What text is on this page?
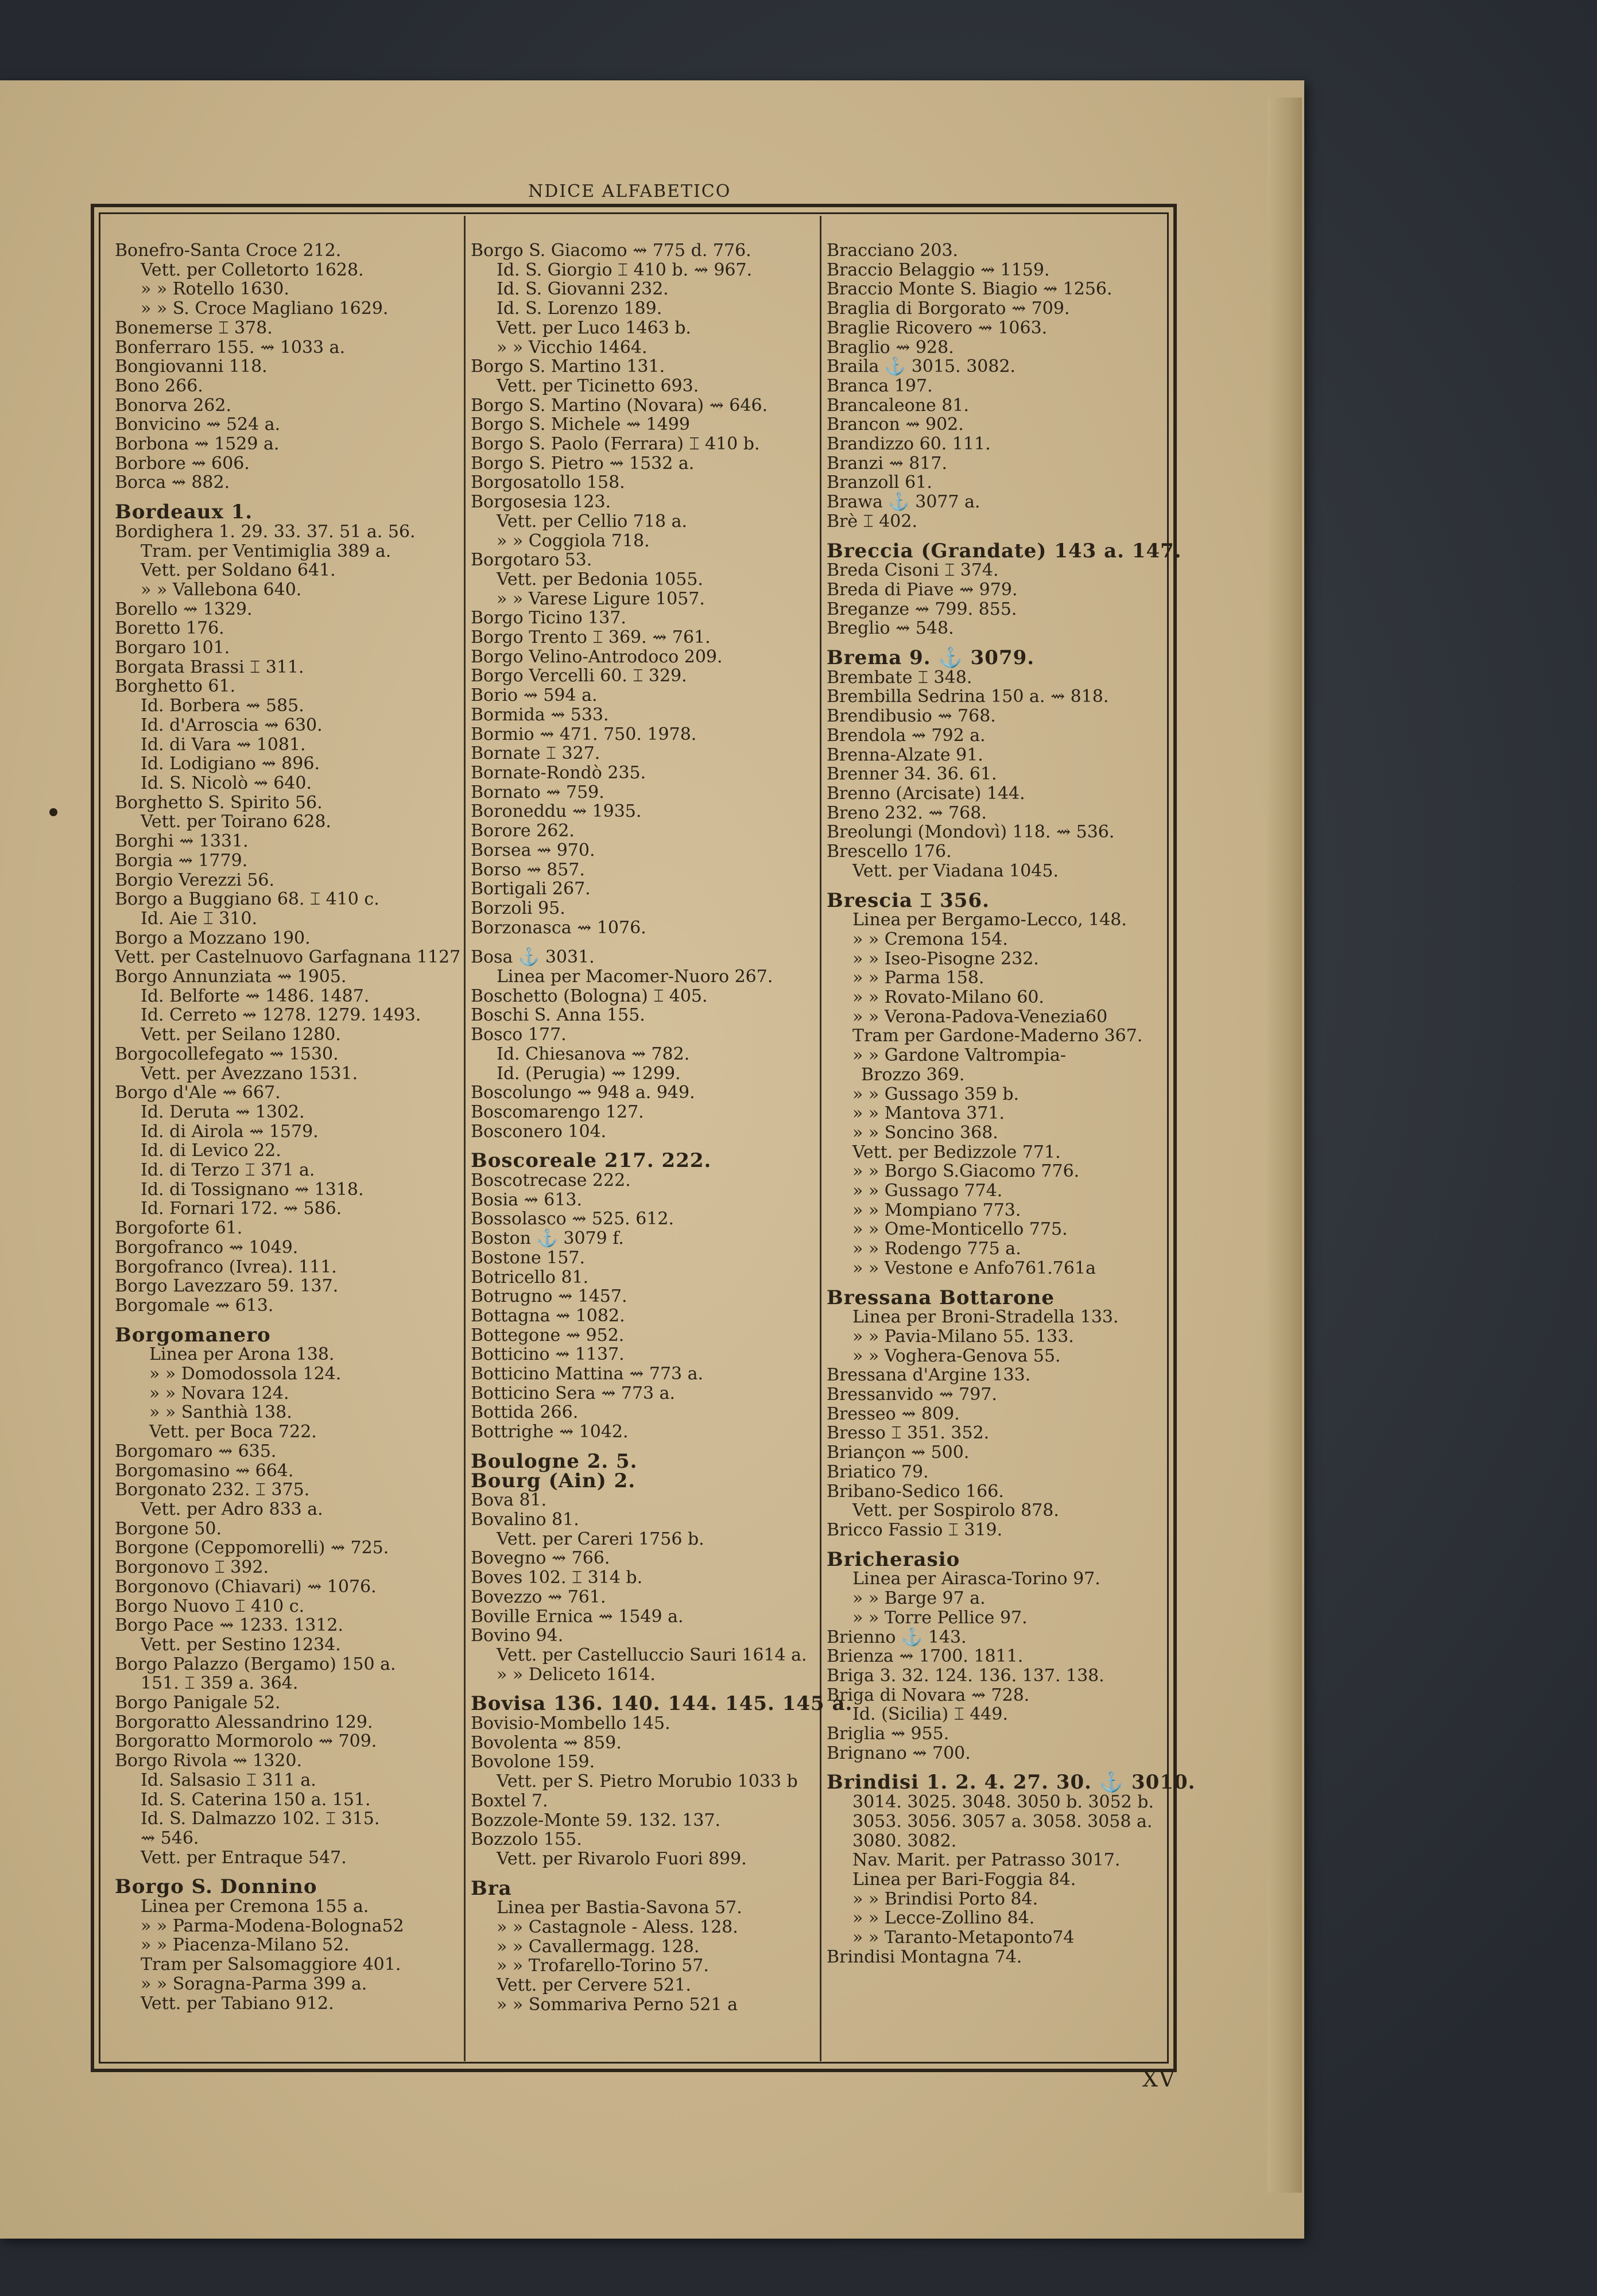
NDICE ALFABETICO
Bonefro-Santa Croce 212.
Vett. per Colletorto 1628.
» » Rotello 1630.
» » S. Croce Magliano 1629.
Bonemerse ⌶ 378.
Bonferraro 155. ⇝ 1033 a.
Bongiovanni 118.
Bono 266.
Bonorva 262.
Bonvicino ⇝ 524 a.
Borbona ⇝ 1529 a.
Borbore ⇝ 606.
Borca ⇝ 882.
Bordeaux 1.
Bordighera 1. 29. 33. 37. 51 a. 56.
Tram. per Ventimiglia 389 a.
Vett. per Soldano 641.
» » Vallebona 640.
Borello ⇝ 1329.
Boretto 176.
Borgaro 101.
Borgata Brassi ⌶ 311.
Borghetto 61.
Id. Borbera ⇝ 585.
Id. d'Arroscia ⇝ 630.
Id. di Vara ⇝ 1081.
Id. Lodigiano ⇝ 896.
Id. S. Nicolò ⇝ 640.
Borghetto S. Spirito 56.
Vett. per Toirano 628.
Borghi ⇝ 1331.
Borgia ⇝ 1779.
Borgio Verezzi 56.
Borgo a Buggiano 68. ⌶ 410 c.
Id. Aie ⌶ 310.
Borgo a Mozzano 190.
Vett. per Castelnuovo Garfagnana 1127
Borgo Annunziata ⇝ 1905.
Id. Belforte ⇝ 1486. 1487.
Id. Cerreto ⇝ 1278. 1279. 1493.
Vett. per Seilano 1280.
Borgocollefegato ⇝ 1530.
Vett. per Avezzano 1531.
Borgo d'Ale ⇝ 667.
Id. Deruta ⇝ 1302.
Id. di Airola ⇝ 1579.
Id. di Levico 22.
Id. di Terzo ⌶ 371 a.
Id. di Tossignano ⇝ 1318.
Id. Fornari 172. ⇝ 586.
Borgoforte 61.
Borgofranco ⇝ 1049.
Borgofranco (Ivrea). 111.
Borgo Lavezzaro 59. 137.
Borgomale ⇝ 613.
Borgomanero
Linea per Arona 138.
» » Domodossola 124.
» » Novara 124.
» » Santhià 138.
Vett. per Boca 722.
Borgomaro ⇝ 635.
Borgomasino ⇝ 664.
Borgonato 232. ⌶ 375.
Vett. per Adro 833 a.
Borgone 50.
Borgone (Ceppomorelli) ⇝ 725.
Borgonovo ⌶ 392.
Borgonovo (Chiavari) ⇝ 1076.
Borgo Nuovo ⌶ 410 c.
Borgo Pace ⇝ 1233. 1312.
Vett. per Sestino 1234.
Borgo Palazzo (Bergamo) 150 a.
151. ⌶ 359 a. 364.
Borgo Panigale 52.
Borgoratto Alessandrino 129.
Borgoratto Mormorolo ⇝ 709.
Borgo Rivola ⇝ 1320.
Id. Salsasio ⌶ 311 a.
Id. S. Caterina 150 a. 151.
Id. S. Dalmazzo 102. ⌶ 315.
⇝ 546.
Vett. per Entraque 547.
Borgo S. Donnino
Linea per Cremona 155 a.
» » Parma-Modena-Bologna52
» » Piacenza-Milano 52.
Tram per Salsomaggiore 401.
» » Soragna-Parma 399 a.
Vett. per Tabiano 912.
Borgo S. Giacomo ⇝ 775 d. 776.
Id. S. Giorgio ⌶ 410 b. ⇝ 967.
Id. S. Giovanni 232.
Id. S. Lorenzo 189.
Vett. per Luco 1463 b.
» » Vicchio 1464.
Borgo S. Martino 131.
Vett. per Ticinetto 693.
Borgo S. Martino (Novara) ⇝ 646.
Borgo S. Michele ⇝ 1499
Borgo S. Paolo (Ferrara) ⌶ 410 b.
Borgo S. Pietro ⇝ 1532 a.
Borgosatollo 158.
Borgosesia 123.
Vett. per Cellio 718 a.
» » Coggiola 718.
Borgotaro 53.
Vett. per Bedonia 1055.
» » Varese Ligure 1057.
Borgo Ticino 137.
Borgo Trento ⌶ 369. ⇝ 761.
Borgo Velino-Antrodoco 209.
Borgo Vercelli 60. ⌶ 329.
Borio ⇝ 594 a.
Bormida ⇝ 533.
Bormio ⇝ 471. 750. 1978.
Bornate ⌶ 327.
Bornate-Rondò 235.
Bornato ⇝ 759.
Boroneddu ⇝ 1935.
Borore 262.
Borsea ⇝ 970.
Borso ⇝ 857.
Bortigali 267.
Borzoli 95.
Borzonasca ⇝ 1076.
Bosa ⚓ 3031.
Linea per Macomer-Nuoro 267.
Boschetto (Bologna) ⌶ 405.
Boschi S. Anna 155.
Bosco 177.
Id. Chiesanova ⇝ 782.
Id. (Perugia) ⇝ 1299.
Boscolungo ⇝ 948 a. 949.
Boscomarengo 127.
Bosconero 104.
Boscoreale 217. 222.
Boscotrecase 222.
Bosia ⇝ 613.
Bossolasco ⇝ 525. 612.
Boston ⚓ 3079 f.
Bostone 157.
Botricello 81.
Botrugno ⇝ 1457.
Bottagna ⇝ 1082.
Bottegone ⇝ 952.
Botticino ⇝ 1137.
Botticino Mattina ⇝ 773 a.
Botticino Sera ⇝ 773 a.
Bottida 266.
Bottrighe ⇝ 1042.
Boulogne 2. 5.
Bourg (Ain) 2.
Bova 81.
Bovalino 81.
Vett. per Careri 1756 b.
Bovegno ⇝ 766.
Boves 102. ⌶ 314 b.
Bovezzo ⇝ 761.
Boville Ernica ⇝ 1549 a.
Bovino 94.
Vett. per Castelluccio Sauri 1614 a.
» » Deliceto 1614.
Bovisa 136. 140. 144. 145. 145 a.
Bovisio-Mombello 145.
Bovolenta ⇝ 859.
Bovolone 159.
Vett. per S. Pietro Morubio 1033 b
Boxtel 7.
Bozzole-Monte 59. 132. 137.
Bozzolo 155.
Vett. per Rivarolo Fuori 899.
Bra
Linea per Bastia-Savona 57.
» » Castagnole - Aless. 128.
» » Cavallermagg. 128.
» » Trofarello-Torino 57.
Vett. per Cervere 521.
» » Sommariva Perno 521 a
Bracciano 203.
Braccio Belaggio ⇝ 1159.
Braccio Monte S. Biagio ⇝ 1256.
Braglia di Borgorato ⇝ 709.
Braglie Ricovero ⇝ 1063.
Braglio ⇝ 928.
Braila ⚓ 3015. 3082.
Branca 197.
Brancaleone 81.
Brancon ⇝ 902.
Brandizzo 60. 111.
Branzi ⇝ 817.
Branzoll 61.
Brawa ⚓ 3077 a.
Brè ⌶ 402.
Breccia (Grandate) 143 a. 147.
Breda Cisoni ⌶ 374.
Breda di Piave ⇝ 979.
Breganze ⇝ 799. 855.
Breglio ⇝ 548.
Brema 9. ⚓ 3079.
Brembate ⌶ 348.
Brembilla Sedrina 150 a. ⇝ 818.
Brendibusio ⇝ 768.
Brendola ⇝ 792 a.
Brenna-Alzate 91.
Brenner 34. 36. 61.
Brenno (Arcisate) 144.
Breno 232. ⇝ 768.
Breolungi (Mondovì) 118. ⇝ 536.
Brescello 176.
Vett. per Viadana 1045.
Brescia ⌶ 356.
Linea per Bergamo-Lecco, 148.
» » Cremona 154.
» » Iseo-Pisogne 232.
» » Parma 158.
» » Rovato-Milano 60.
» » Verona-Padova-Venezia60
Tram per Gardone-Maderno 367.
» » Gardone Valtrompia-
Brozzo 369.
» » Gussago 359 b.
» » Mantova 371.
» » Soncino 368.
Vett. per Bedizzole 771.
» » Borgo S.Giacomo 776.
» » Gussago 774.
» » Mompiano 773.
» » Ome-Monticello 775.
» » Rodengo 775 a.
» » Vestone e Anfo761.761a
Bressana Bottarone
Linea per Broni-Stradella 133.
» » Pavia-Milano 55. 133.
» » Voghera-Genova 55.
Bressana d'Argine 133.
Bressanvido ⇝ 797.
Bresseo ⇝ 809.
Bresso ⌶ 351. 352.
Briançon ⇝ 500.
Briatico 79.
Bribano-Sedico 166.
Vett. per Sospirolo 878.
Bricco Fassio ⌶ 319.
Bricherasio
Linea per Airasca-Torino 97.
» » Barge 97 a.
» » Torre Pellice 97.
Brienno ⚓ 143.
Brienza ⇝ 1700. 1811.
Briga 3. 32. 124. 136. 137. 138.
Briga di Novara ⇝ 728.
Id. (Sicilia) ⌶ 449.
Briglia ⇝ 955.
Brignano ⇝ 700.
Brindisi 1. 2. 4. 27. 30. ⚓ 3010.
3014. 3025. 3048. 3050 b. 3052 b.
3053. 3056. 3057 a. 3058. 3058 a.
3080. 3082.
Nav. Marit. per Patrasso 3017.
Linea per Bari-Foggia 84.
» » Brindisi Porto 84.
» » Lecce-Zollino 84.
» » Taranto-Metaponto74
Brindisi Montagna 74.
XV
